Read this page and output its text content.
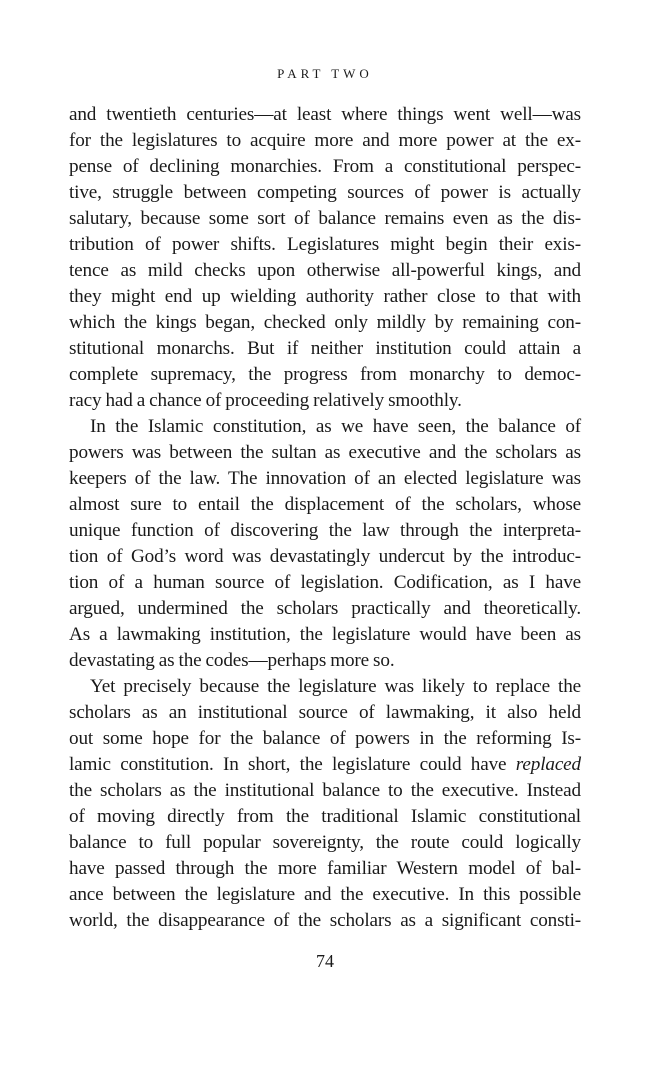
PART TWO
and twentieth centuries—at least where things went well—was
for the legislatures to acquire more and more power at the ex-
pense of declining monarchies. From a constitutional perspec-
tive, struggle between competing sources of power is actually
salutary, because some sort of balance remains even as the dis-
tribution of power shifts. Legislatures might begin their exis-
tence as mild checks upon otherwise all-powerful kings, and
they might end up wielding authority rather close to that with
which the kings began, checked only mildly by remaining con-
stitutional monarchs. But if neither institution could attain a
complete supremacy, the progress from monarchy to democ-
racy had a chance of proceeding relatively smoothly.
In the Islamic constitution, as we have seen, the balance of
powers was between the sultan as executive and the scholars as
keepers of the law. The innovation of an elected legislature was
almost sure to entail the displacement of the scholars, whose
unique function of discovering the law through the interpreta-
tion of God’s word was devastatingly undercut by the introduc-
tion of a human source of legislation. Codification, as I have
argued, undermined the scholars practically and theoretically.
As a lawmaking institution, the legislature would have been as
devastating as the codes—perhaps more so.
Yet precisely because the legislature was likely to replace the
scholars as an institutional source of lawmaking, it also held
out some hope for the balance of powers in the reforming Is-
lamic constitution. In short, the legislature could have replaced
the scholars as the institutional balance to the executive. Instead
of moving directly from the traditional Islamic constitutional
balance to full popular sovereignty, the route could logically
have passed through the more familiar Western model of bal-
ance between the legislature and the executive. In this possible
world, the disappearance of the scholars as a significant consti-
74
